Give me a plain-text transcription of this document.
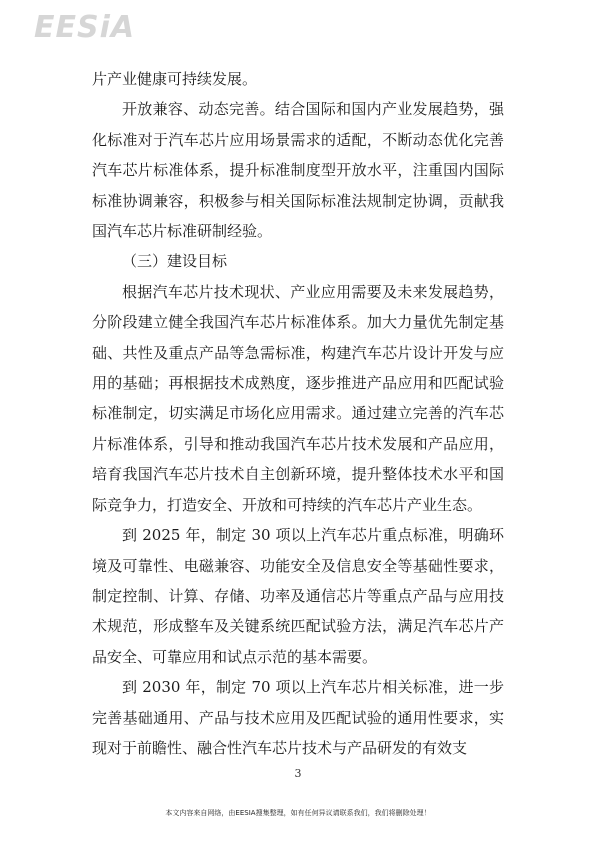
EESiA

片产业健康可持续发展。

开放兼容、动态完善。结合国际和国内产业发展趋势，强化标准对于汽车芯片应用场景需求的适配，不断动态优化完善汽车芯片标准体系，提升标准制度型开放水平，注重国内国际标准协调兼容，积极参与相关国际标准法规制定协调，贡献我国汽车芯片标准研制经验。

（三）建设目标

根据汽车芯片技术现状、产业应用需要及未来发展趋势，分阶段建立健全我国汽车芯片标准体系。加大力量优先制定基础、共性及重点产品等急需标准，构建汽车芯片设计开发与应用的基础；再根据技术成熟度，逐步推进产品应用和匹配试验标准制定，切实满足市场化应用需求。通过建立完善的汽车芯片标准体系，引导和推动我国汽车芯片技术发展和产品应用，培育我国汽车芯片技术自主创新环境，提升整体技术水平和国际竞争力，打造安全、开放和可持续的汽车芯片产业生态。

到 2025 年，制定 30 项以上汽车芯片重点标准，明确环境及可靠性、电磁兼容、功能安全及信息安全等基础性要求，制定控制、计算、存储、功率及通信芯片等重点产品与应用技术规范，形成整车及关键系统匹配试验方法，满足汽车芯片产品安全、可靠应用和试点示范的基本需要。

到 2030 年，制定 70 项以上汽车芯片相关标准，进一步完善基础通用、产品与技术应用及匹配试验的通用性要求，实现对于前瞻性、融合性汽车芯片技术与产品研发的有效支

3
本文内容来自网络，由EESIA搜集整理，如有任何异议请联系我们，我们将删除处理！
